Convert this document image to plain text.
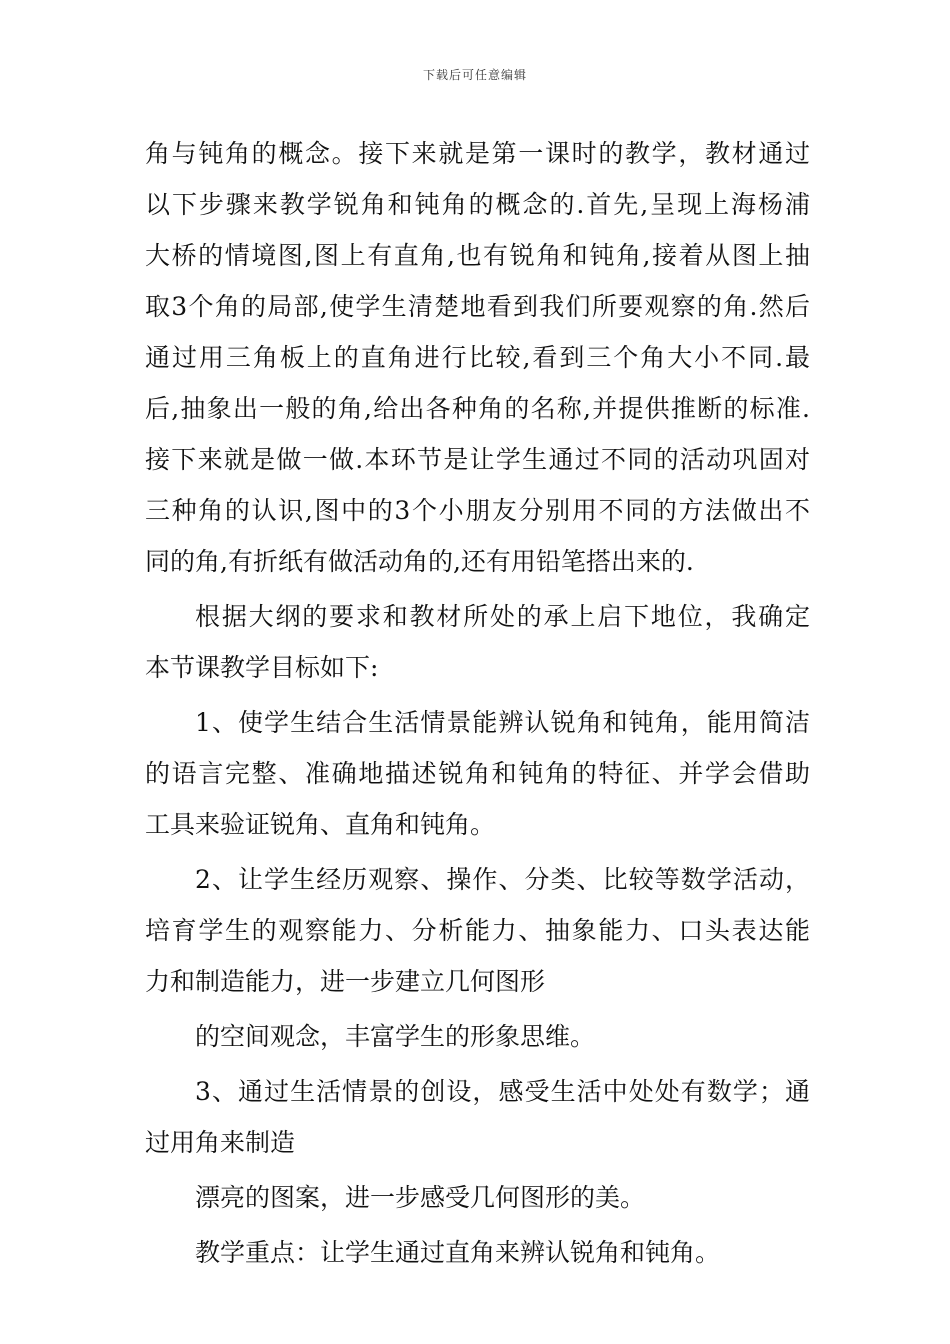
下载后可任意编辑
角与钝角的概念。接下来就是第一课时的教学，教材通过
以下步骤来教学锐角和钝角的概念的.首先,呈现上海杨浦
大桥的情境图,图上有直角,也有锐角和钝角,接着从图上抽
取3个角的局部,使学生清楚地看到我们所要观察的角.然后
通过用三角板上的直角进行比较,看到三个角大小不同.最
后,抽象出一般的角,给出各种角的名称,并提供推断的标准.
接下来就是做一做.本环节是让学生通过不同的活动巩固对
三种角的认识,图中的3个小朋友分别用不同的方法做出不
同的角,有折纸有做活动角的,还有用铅笔搭出来的.
根据大纲的要求和教材所处的承上启下地位，我确定
本节课教学目标如下:
1、使学生结合生活情景能辨认锐角和钝角，能用简洁
的语言完整、准确地描述锐角和钝角的特征、并学会借助
工具来验证锐角、直角和钝角。
2、让学生经历观察、操作、分类、比较等数学活动，
培育学生的观察能力、分析能力、抽象能力、口头表达能
力和制造能力，进一步建立几何图形
的空间观念，丰富学生的形象思维。
3、通过生活情景的创设，感受生活中处处有数学；通
过用角来制造
漂亮的图案，进一步感受几何图形的美。
教学重点：让学生通过直角来辨认锐角和钝角。
